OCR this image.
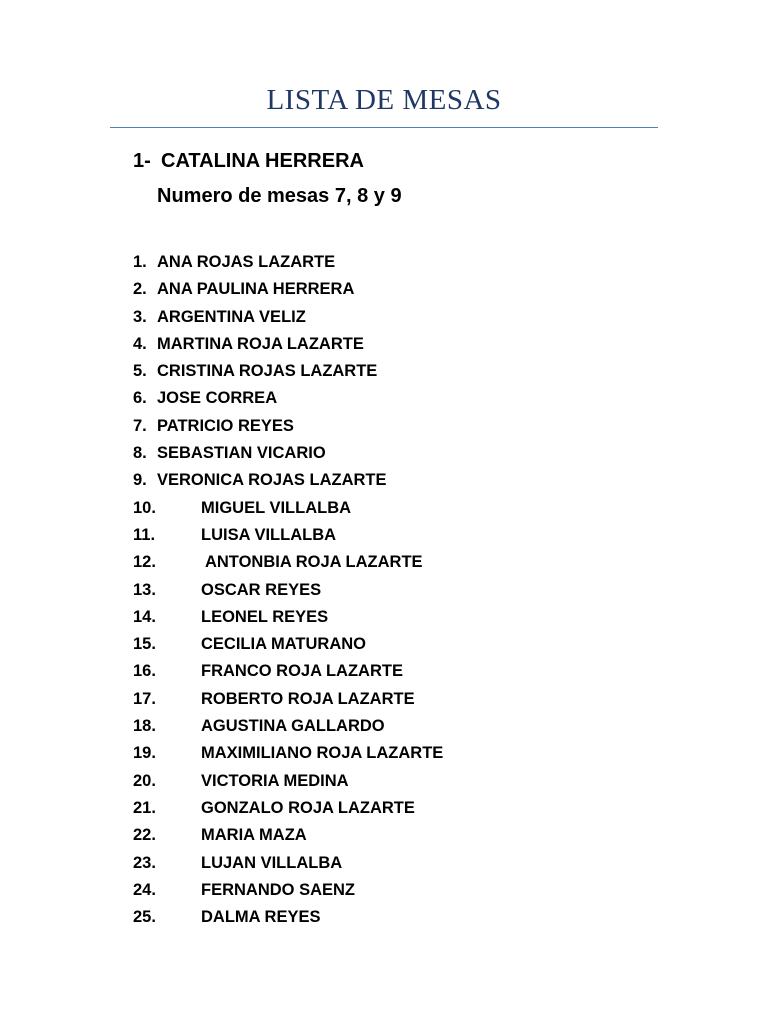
LISTA DE MESAS
1- CATALINA HERRERA
Numero de mesas 7, 8 y 9
1. ANA ROJAS LAZARTE
2. ANA PAULINA HERRERA
3. ARGENTINA VELIZ
4. MARTINA ROJA LAZARTE
5. CRISTINA ROJAS LAZARTE
6. JOSE CORREA
7. PATRICIO REYES
8. SEBASTIAN VICARIO
9. VERONICA ROJAS LAZARTE
10.	MIGUEL VILLALBA
11.	LUISA VILLALBA
12.	ANTONBIA ROJA LAZARTE
13.	OSCAR REYES
14.	LEONEL REYES
15.	CECILIA MATURANO
16.	FRANCO ROJA LAZARTE
17.	ROBERTO ROJA LAZARTE
18.	AGUSTINA GALLARDO
19.	MAXIMILIANO ROJA LAZARTE
20.	VICTORIA MEDINA
21.	GONZALO ROJA LAZARTE
22.	MARIA MAZA
23.	LUJAN VILLALBA
24.	FERNANDO SAENZ
25.	DALMA REYES
